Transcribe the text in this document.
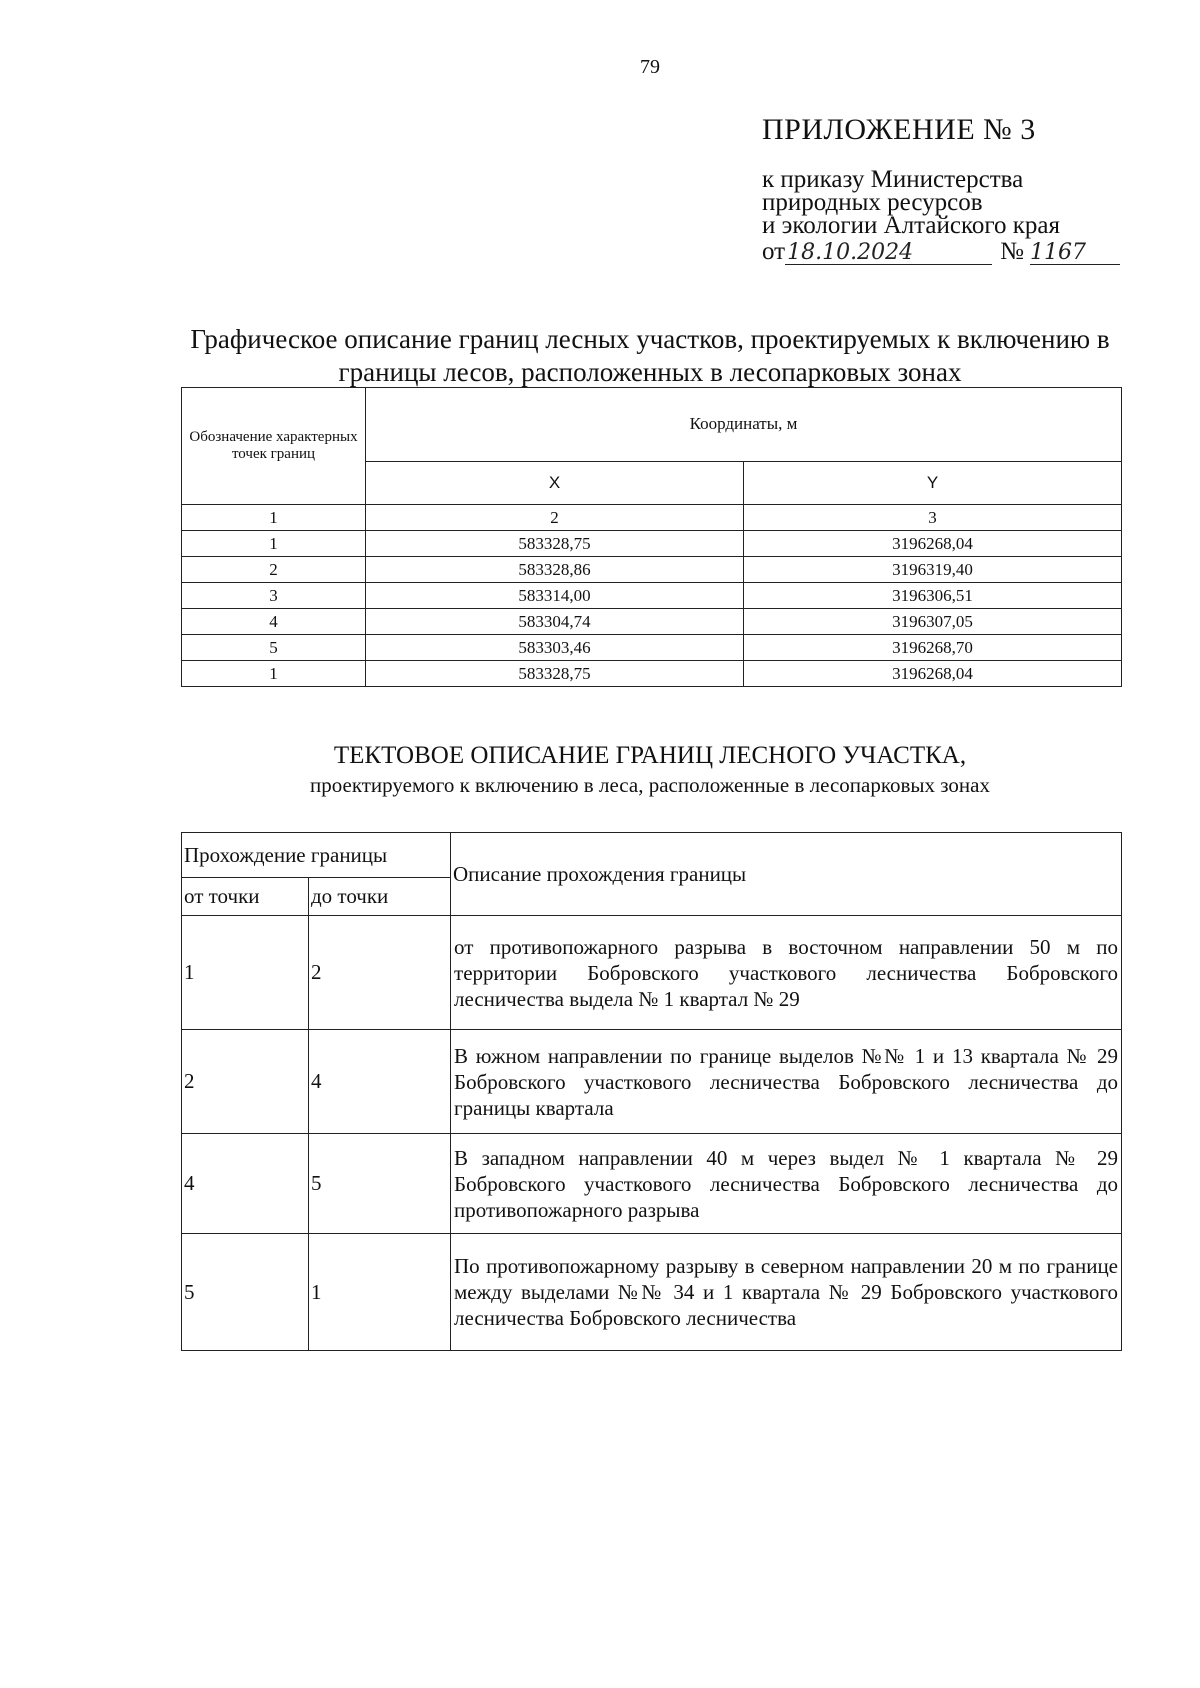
79
ПРИЛОЖЕНИЕ № 3
к приказу Министерства
природных ресурсов
и экологии Алтайского края
от18.10.2024	№ 1167
Графическое описание границ лесных участков, проектируемых к включению в границы лесов, расположенных в лесопарковых зонах
Обозначение характерных точек границ	Координаты, м	
	X	Y
1	2	3
1	583328,75	3196268,04
2	583328,86	3196319,40
3	583314,00	3196306,51
4	583304,74	3196307,05
5	583303,46	3196268,70
1	583328,75	3196268,04
ТЕКТОВОЕ ОПИСАНИЕ ГРАНИЦ ЛЕСНОГО УЧАСТКА,
проектируемого к включению в леса, расположенные в лесопарковых зонах
Прохождение границы		Описание прохождения границы
от точки	до точки	
1	2	от противопожарного разрыва в восточном направлении 50 м по территории Бобровского участкового лесничества Бобровского лесничества выдела № 1 квартал № 29
2	4	В южном направлении по границе выделов №№ 1 и 13 квартала № 29 Бобровского участкового лесничества Бобровского лесничества до границы квартала
4	5	В западном направлении 40 м через выдел № 1 квартала № 29 Бобровского участкового лесничества Бобровского лесничества до противопожарного разрыва
5	1	По противопожарному разрыву в северном направлении 20 м по границе между выделами №№ 34 и 1 квартала № 29 Бобровского участкового лесничества Бобровского лесничества
